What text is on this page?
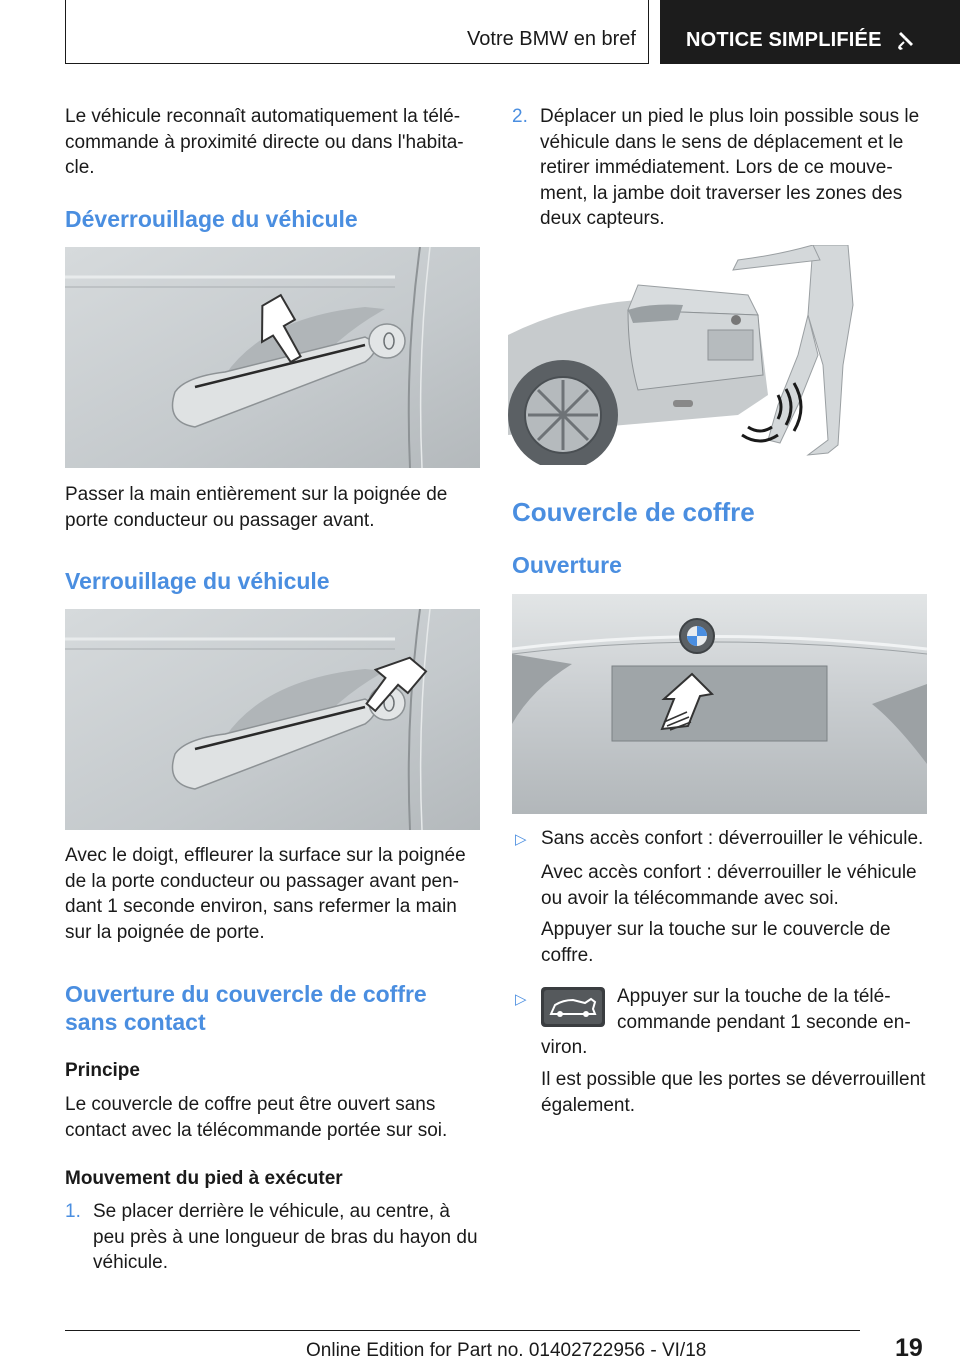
Votre BMW en bref	NOTICE SIMPLIFIÉE
Le véhicule reconnaît automatiquement la télé-
commande à proximité directe ou dans l'habita-
cle.
Déverrouillage du véhicule
Passer la main entièrement sur la poignée de
porte conducteur ou passager avant.
Verrouillage du véhicule
Avec le doigt, effleurer la surface sur la poignée
de la porte conducteur ou passager avant pen-
dant 1 seconde environ, sans refermer la main
sur la poignée de porte.
Ouverture du couvercle de coffre
sans contact
Principe
Le couvercle de coffre peut être ouvert sans
contact avec la télécommande portée sur soi.
Mouvement du pied à exécuter
1. Se placer derrière le véhicule, au centre, à
peu près à une longueur de bras du hayon du
véhicule.
2. Déplacer un pied le plus loin possible sous le
véhicule dans le sens de déplacement et le
retirer immédiatement. Lors de ce mouve-
ment, la jambe doit traverser les zones des
deux capteurs.
Couvercle de coffre
Ouverture
▷ Sans accès confort : déverrouiller le véhicule.
Avec accès confort : déverrouiller le véhicule
ou avoir la télécommande avec soi.
Appuyer sur la touche sur le couvercle de
coffre.
▷	Appuyer sur la touche de la télé-
commande pendant 1 seconde en-
viron.
Il est possible que les portes se déverrouillent
également.
19
Online Edition for Part no. 01402722956 - VI/18
